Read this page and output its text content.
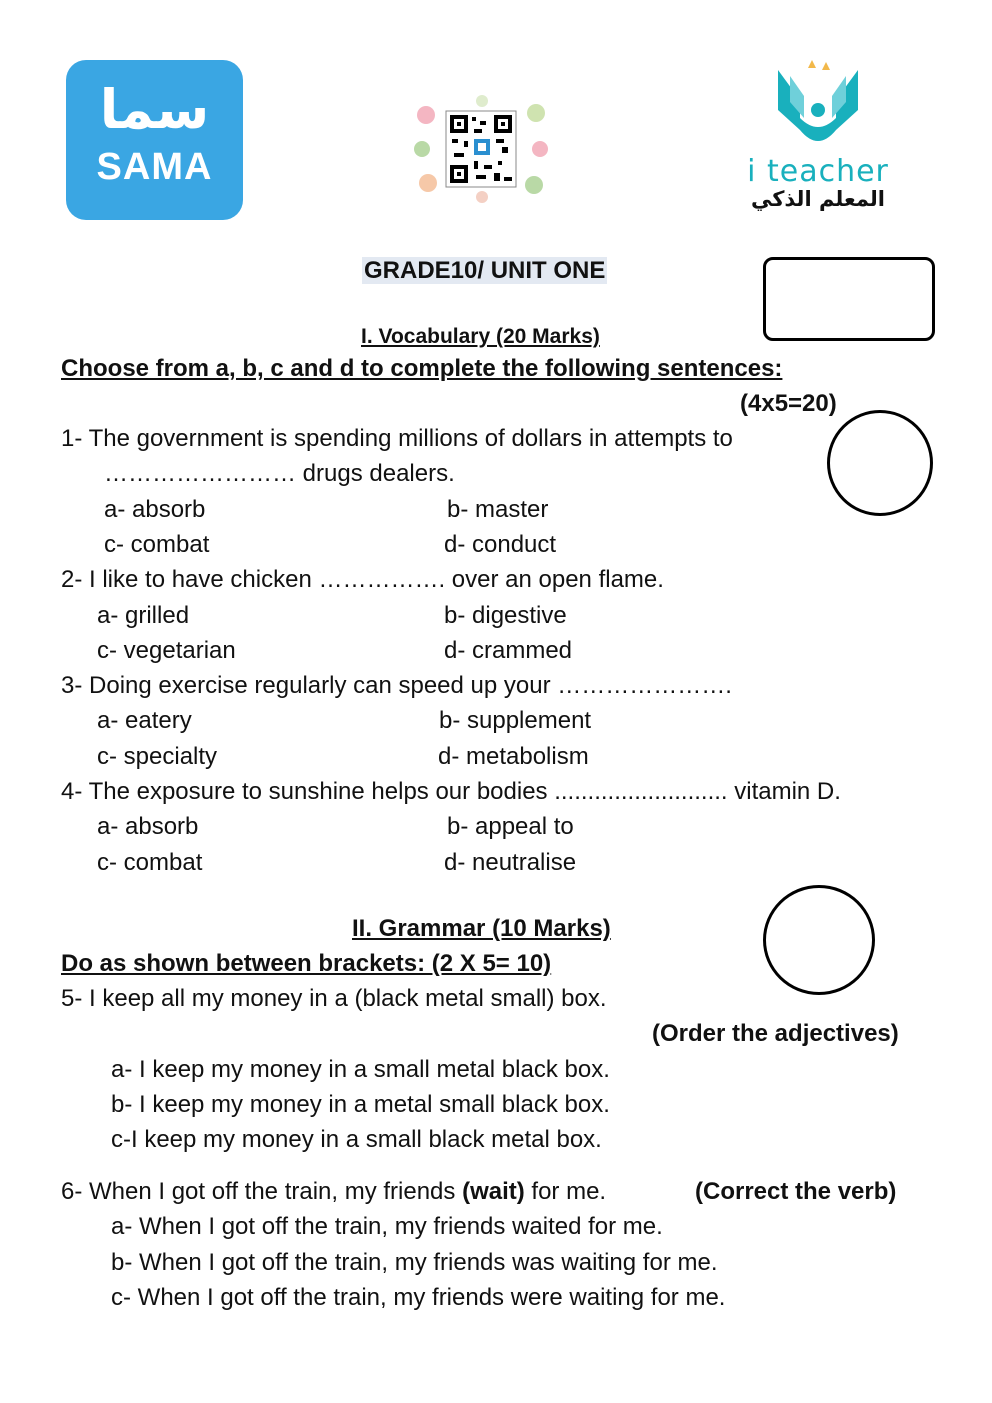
سما
SAMA	i teacher
المعلم الذكي
GRADE10/ UNIT ONE
I. Vocabulary (20 Marks)
Choose from a, b, c and d to complete the following sentences:
(4x5=20)
1- The government is spending millions of dollars in attempts to
…………………… drugs dealers.
a- absorb	b- master
c- combat	d- conduct
2- I like to have chicken ……………. over an open flame.
a- grilled	b- digestive
c- vegetarian	d- crammed
3- Doing exercise regularly can speed up your ………………….
a- eatery	b- supplement
c- specialty	d- metabolism
4- The exposure to sunshine helps our bodies .......................... vitamin D.
a- absorb	b- appeal to
c- combat	d- neutralise
II. Grammar (10 Marks)
Do as shown between brackets: (2 X 5= 10)
5- I keep all my money in a (black metal small) box.
(Order the adjectives)
a- I keep my money in a small metal black box.
b- I keep my money in a metal small black box.
c-I keep my money in a small black metal box.
6- When I got off the train, my friends (wait) for me.	(Correct the verb)
a- When I got off the train, my friends waited for me.
b- When I got off the train, my friends was waiting for me.
c- When I got off the train, my friends were waiting for me.
